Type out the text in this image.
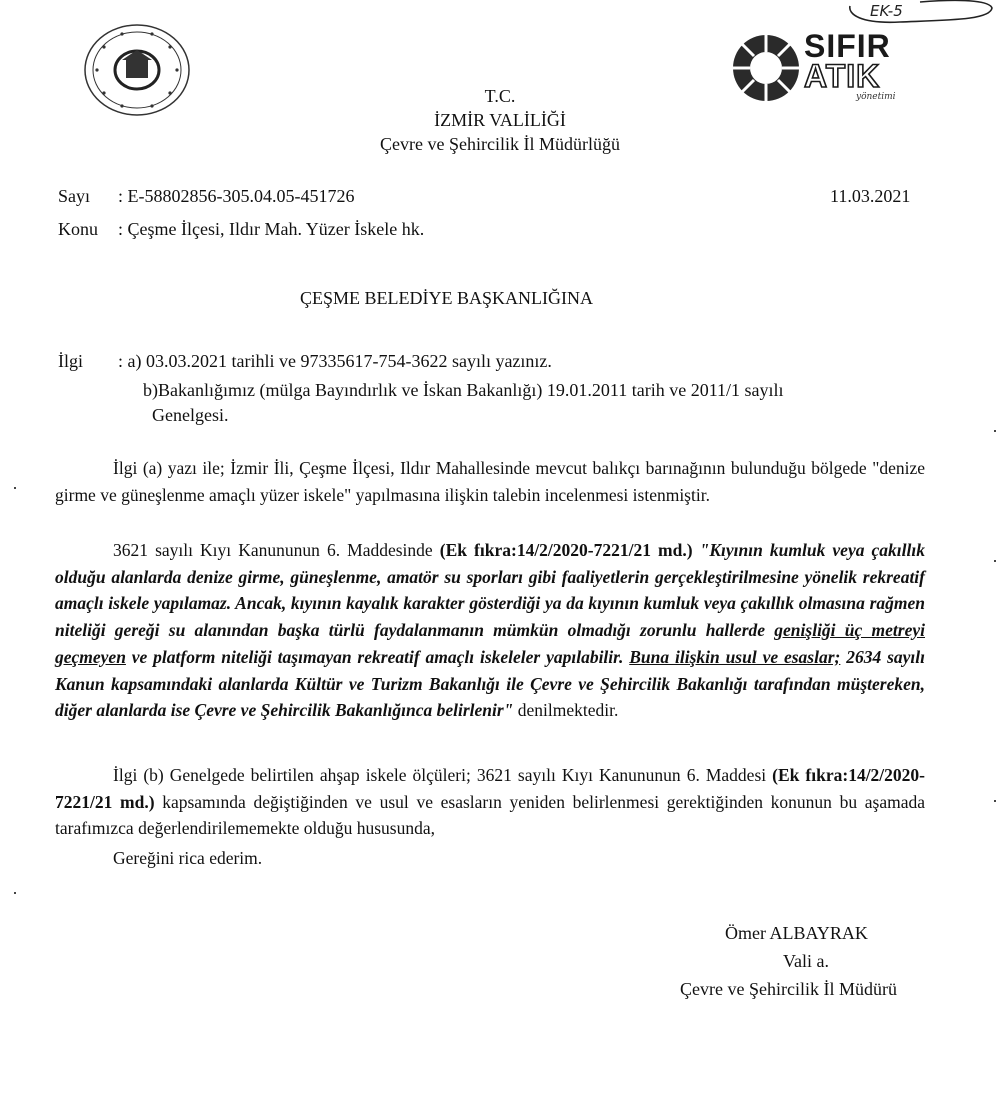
EK-5
SIFIR
ATIK
yönetimi
T.C.
İZMİR VALİLİĞİ
Çevre ve Şehircilik İl Müdürlüğü
Sayı : E-58802856-305.04.05-451726	11.03.2021
Konu : Çeşme İlçesi, Ildır Mah. Yüzer İskele hk.
ÇEŞME BELEDİYE BAŞKANLIĞINA
İlgi : a) 03.03.2021 tarihli ve 97335617-754-3622 sayılı yazınız.
b)Bakanlığımız (mülga Bayındırlık ve İskan Bakanlığı) 19.01.2011 tarih ve 2011/1 sayılı
Genelgesi.
İlgi (a) yazı ile; İzmir İli, Çeşme İlçesi, Ildır Mahallesinde mevcut balıkçı barınağının bulunduğu bölgede "denize girme ve güneşlenme amaçlı yüzer iskele" yapılmasına ilişkin talebin incelenmesi istenmiştir.
3621 sayılı Kıyı Kanununun 6. Maddesinde (Ek fıkra:14/2/2020-7221/21 md.) "Kıyının kumluk veya çakıllık olduğu alanlarda denize girme, güneşlenme, amatör su sporları gibi faaliyetlerin gerçekleştirilmesine yönelik rekreatif amaçlı iskele yapılamaz. Ancak, kıyının kayalık karakter gösterdiği ya da kıyının kumluk veya çakıllık olmasına rağmen niteliği gereği su alanından başka türlü faydalanmanın mümkün olmadığı zorunlu hallerde genişliği üç metreyi geçmeyen ve platform niteliği taşımayan rekreatif amaçlı iskeleler yapılabilir. Buna ilişkin usul ve esaslar; 2634 sayılı Kanun kapsamındaki alanlarda Kültür ve Turizm Bakanlığı ile Çevre ve Şehircilik Bakanlığı tarafından müştereken, diğer alanlarda ise Çevre ve Şehircilik Bakanlığınca belirlenir" denilmektedir.
İlgi (b) Genelgede belirtilen ahşap iskele ölçüleri; 3621 sayılı Kıyı Kanununun 6. Maddesi (Ek fıkra:14/2/2020-7221/21 md.) kapsamında değiştiğinden ve usul ve esasların yeniden belirlenmesi gerektiğinden konunun bu aşamada tarafımızca değerlendirilememekte olduğu hususunda,
Gereğini rica ederim.
Ömer ALBAYRAK
Vali a.
Çevre ve Şehircilik İl Müdürü
